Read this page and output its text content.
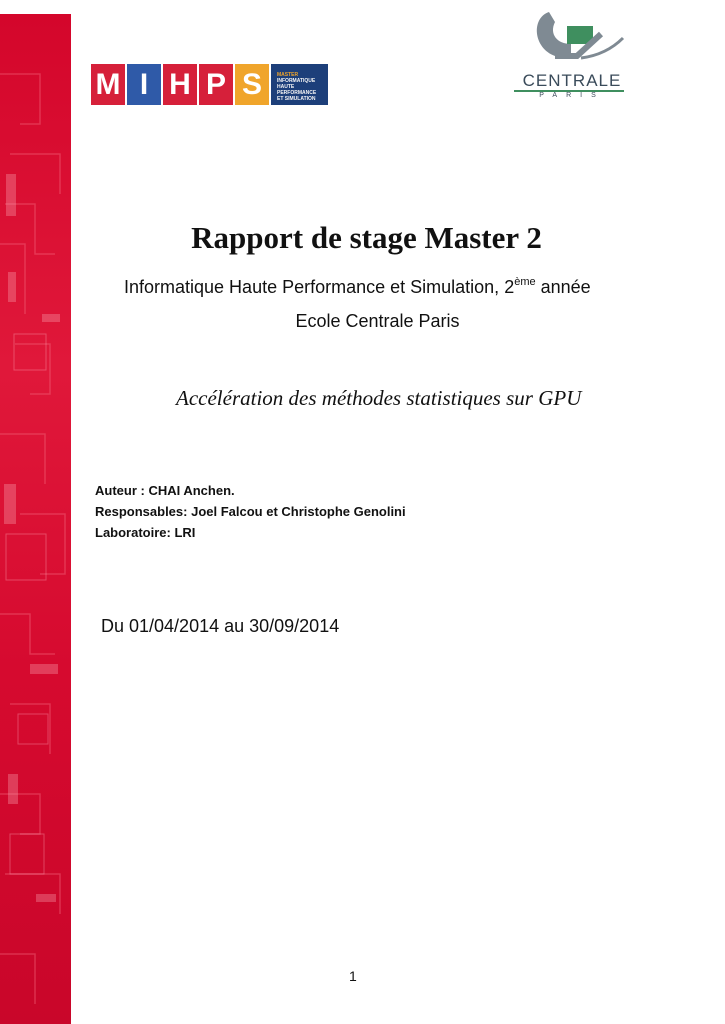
M I H P S	MASTER
INFORMATIQUE
HAUTE
PERFORMANCE
ET SIMULATION
CENTRALE
PARIS
Rapport de stage Master 2
Informatique Haute Performance et Simulation, 2ème année
Ecole Centrale Paris
Accélération des méthodes statistiques sur GPU
Auteur : CHAI Anchen.
Responsables: Joel Falcou et Christophe Genolini
Laboratoire: LRI
Du 01/04/2014 au 30/09/2014
1
